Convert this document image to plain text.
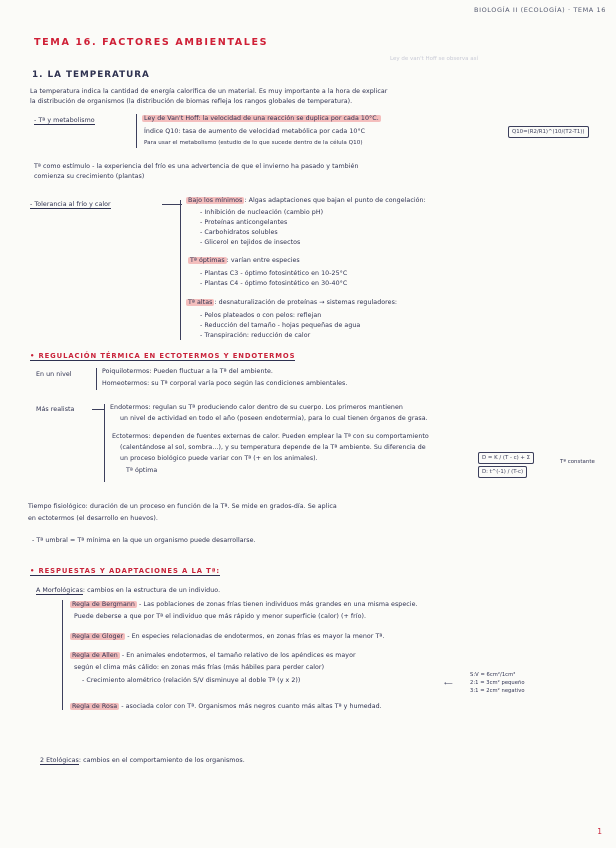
BIOLOGÍA II (ECOLOGÍA) · TEMA 16
TEMA 16. FACTORES AMBIENTALES
1. LA TEMPERATURA
La temperatura indica la cantidad de energía calorífica de un material. Es muy importante a la hora de explicar
la distribución de organismos (la distribución de biomas refleja los rangos globales de temperatura).
- Tª y metabolismo	Ley de Van't Hoff: la velocidad de una reacción se duplica por cada 10°C.
Índice Q10: tasa de aumento de velocidad metabólica por cada 10°C
Para usar el metabolismo (estudio de lo que sucede dentro de la célula Q10)
Q10=(R2/R1)^(10/(T2-T1))
Ley de van't Hoff se observa así
Tª como estímulo - la experiencia del frío es una advertencia de que el invierno ha pasado y también
comienza su crecimiento (plantas)
- Tolerancia al frío y calor
Bajo los mínimos : Algas adaptaciones que bajan el punto de congelación:
- Inhibición de nucleación (cambio pH)
- Proteínas anticongelantes
- Carbohidratos solubles
- Glicerol en tejidos de insectos
Tª óptimas : varían entre especies
- Plantas C3 - óptimo fotosintético en 10-25°C
- Plantas C4 - óptimo fotosintético en 30-40°C
Tª altas : desnaturalización de proteínas → sistemas reguladores:
- Pelos plateados o con pelos: reflejan
- Reducción del tamaño - hojas pequeñas de agua
- Transpiración: reducción de calor
• REGULACIÓN TÉRMICA EN ECTOTERMOS Y ENDOTERMOS
En un nivel	Poiquilotermos: Pueden fluctuar a la Tª del ambiente.
Homeotermos: su Tª corporal varía poco según las condiciones ambientales.
Más realista	Endotermos: regulan su Tª produciendo calor dentro de su cuerpo. Los primeros mantienen
un nivel de actividad en todo el año (poseen endotermia), para lo cual tienen órganos de grasa.
Ectotermos: dependen de fuentes externas de calor. Pueden emplear la Tª con su comportamiento
(calentándose al sol, sombra...), y su temperatura depende de la Tª ambiente. Su diferencia de
un proceso biológico puede variar con Tª (+ en los animales).
Tª óptima
D = K / (T - c) + Σ
D: t^(-1) / (T-c)
Tª constante
Tiempo fisiológico: duración de un proceso en función de la Tª. Se mide en grados-día. Se aplica
en ectotermos (el desarrollo en huevos).
- Tª umbral = Tª mínima en la que un organismo puede desarrollarse.
• RESPUESTAS Y ADAPTACIONES A LA Tª:
A Morfológicas: cambios en la estructura de un individuo.
Regla de Bergmann - Las poblaciones de zonas frías tienen individuos más grandes en una misma especie.
Puede deberse a que por Tª el individuo que más rápido y menor superficie (calor) (+ frío).
Regla de Gloger - En especies relacionadas de endotermos, en zonas frías es mayor la menor Tª.
Regla de Allen - En animales endotermos, el tamaño relativo de los apéndices es mayor
según el clima más cálido: en zonas más frías (más hábiles para perder calor)
- Crecimiento alométrico (relación S/V disminuye al doble Tª (y x 2))	⟵
S:V = 6cm²/1cm³
2:1 = 3cm² pequeño
3:1 = 2cm² negativo
Regla de Rosa - asociada color con Tª. Organismos más negros cuanto más altas Tª y humedad.
2 Etológicas: cambios en el comportamiento de los organismos.
1
